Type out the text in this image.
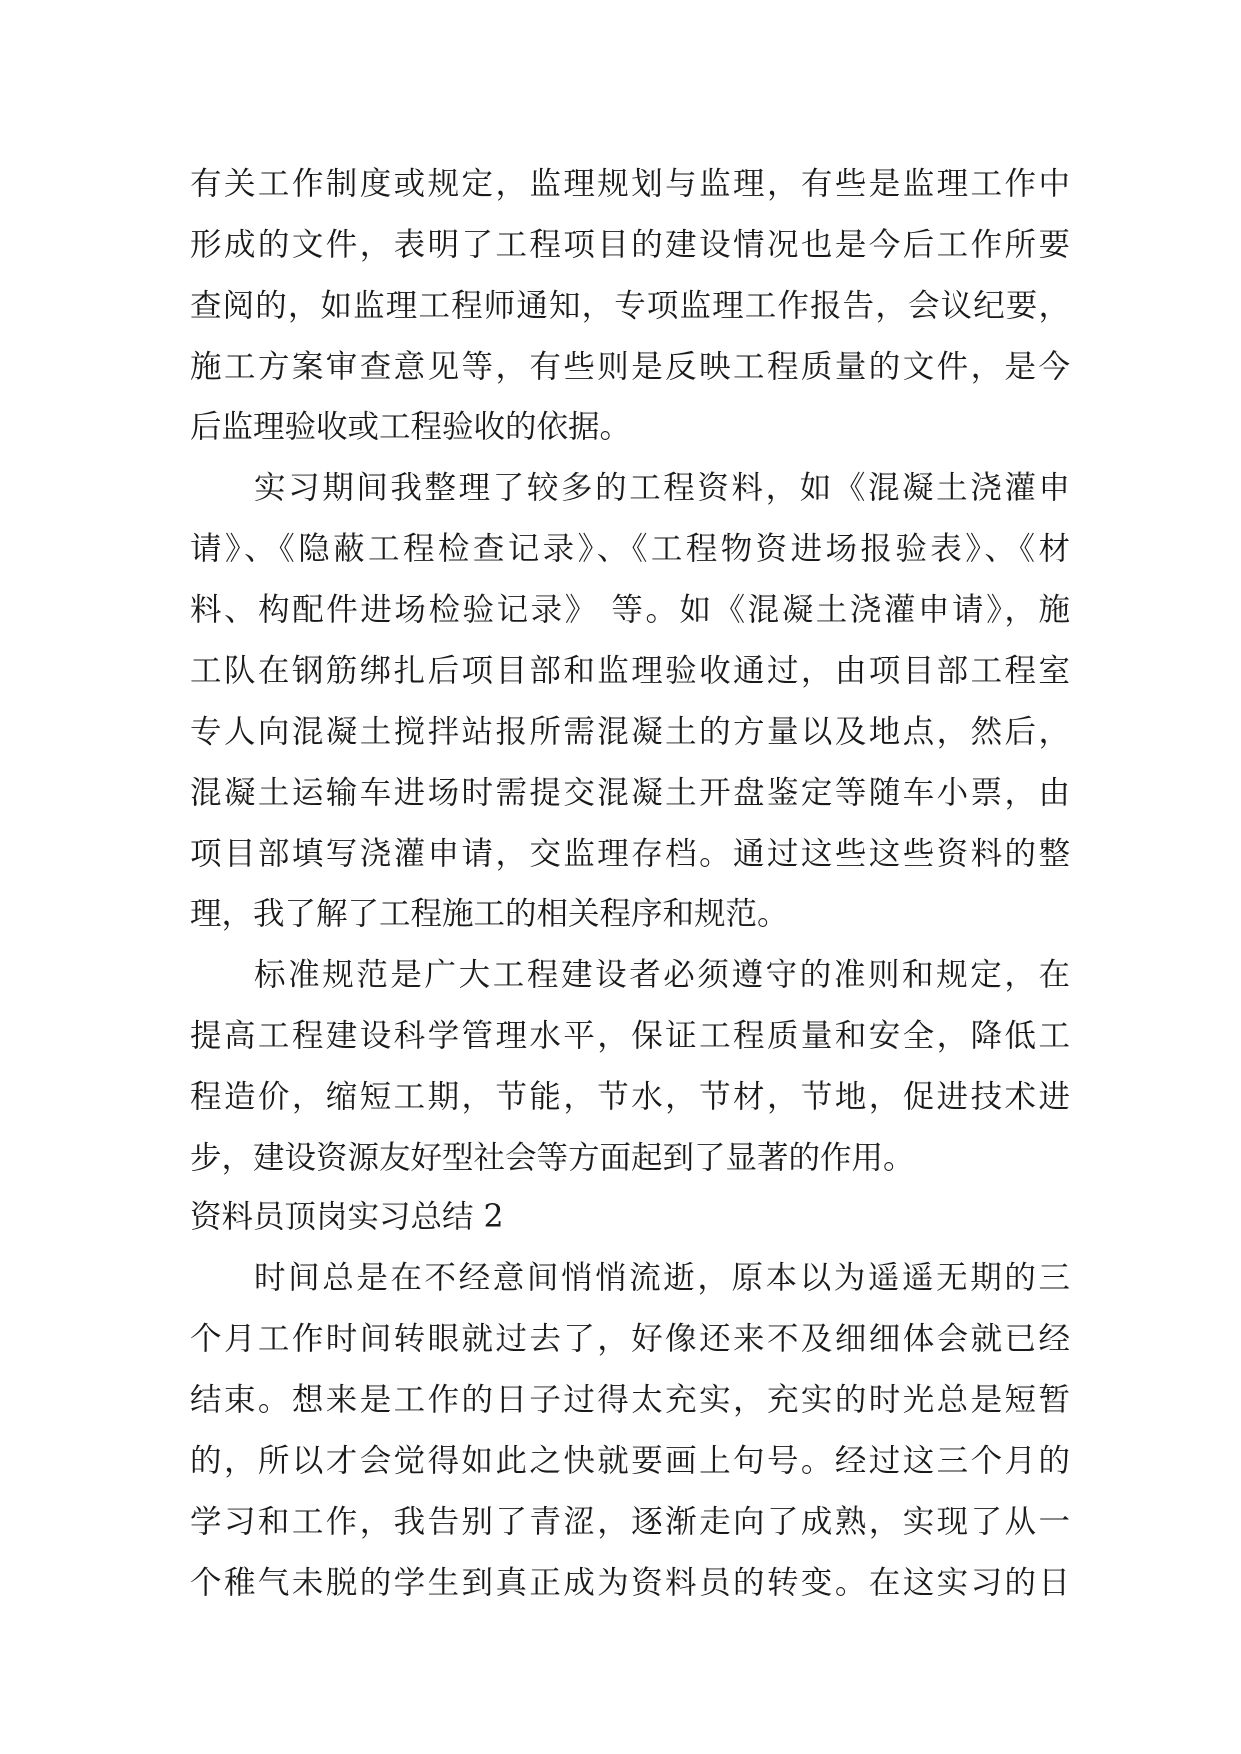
有关工作制度或规定，监理规划与监理，有些是监理工作中
形成的文件，表明了工程项目的建设情况也是今后工作所要
查阅的，如监理工程师通知，专项监理工作报告，会议纪要，
施工方案审查意见等，有些则是反映工程质量的文件，是今
后监理验收或工程验收的依据。
实习期间我整理了较多的工程资料，如《混凝土浇灌申
请》、《隐蔽工程检查记录》、《工程物资进场报验表》、《材
料、构配件进场检验记录》 等。如《混凝土浇灌申请》，施
工队在钢筋绑扎后项目部和监理验收通过，由项目部工程室
专人向混凝土搅拌站报所需混凝土的方量以及地点，然后，
混凝土运输车进场时需提交混凝土开盘鉴定等随车小票，由
项目部填写浇灌申请，交监理存档。通过这些这些资料的整
理，我了解了工程施工的相关程序和规范。
标准规范是广大工程建设者必须遵守的准则和规定，在
提高工程建设科学管理水平，保证工程质量和安全，降低工
程造价，缩短工期，节能，节水，节材，节地，促进技术进
步，建设资源友好型社会等方面起到了显著的作用。
资料员顶岗实习总结 2
时间总是在不经意间悄悄流逝，原本以为遥遥无期的三
个月工作时间转眼就过去了，好像还来不及细细体会就已经
结束。想来是工作的日子过得太充实，充实的时光总是短暂
的，所以才会觉得如此之快就要画上句号。经过这三个月的
学习和工作，我告别了青涩，逐渐走向了成熟，实现了从一
个稚气未脱的学生到真正成为资料员的转变。在这实习的日
